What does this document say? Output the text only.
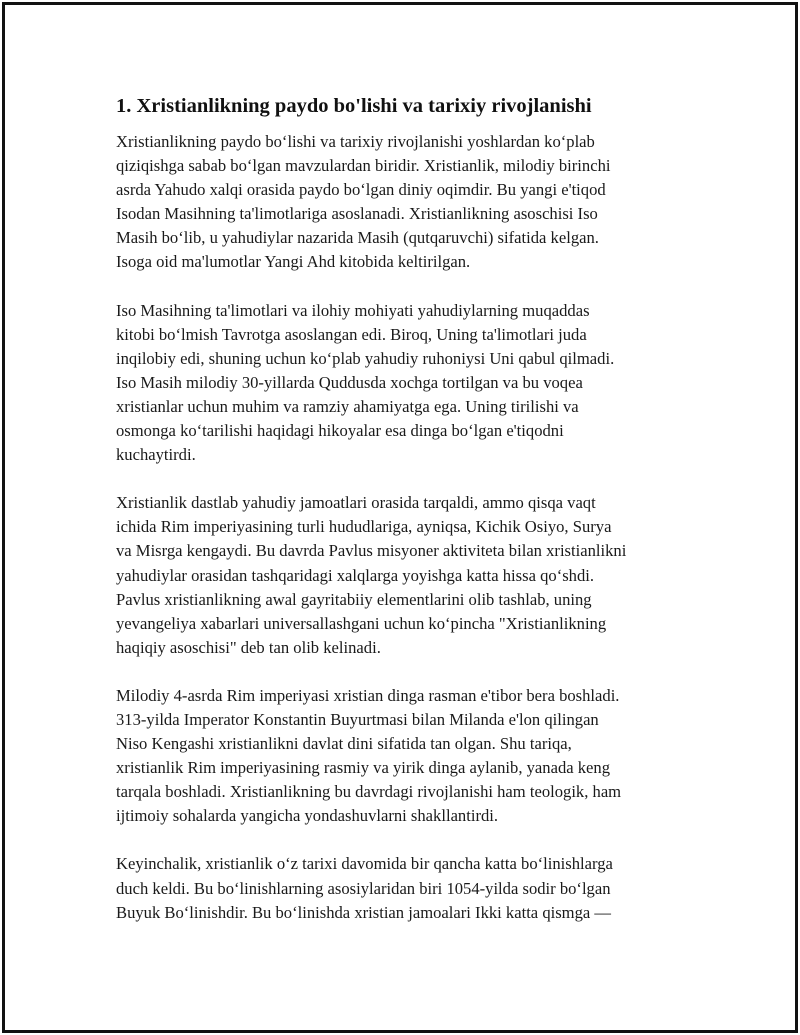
1. Xristianlikning paydo bo'lishi va tarixiy rivojlanishi
Xristianlikning paydo bo‘lishi va tarixiy rivojlanishi yoshlardan ko‘plab
qiziqishga sabab bo‘lgan mavzulardan biridir. Xristianlik, milodiy birinchi
asrda Yahudo xalqi orasida paydo bo‘lgan diniy oqimdir. Bu yangi e'tiqod
Isodan Masihning ta'limotlariga asoslanadi. Xristianlikning asoschisi Iso
Masih bo‘lib, u yahudiylar nazarida Masih (qutqaruvchi) sifatida kelgan.
Isoga oid ma'lumotlar Yangi Ahd kitobida keltirilgan.
Iso Masihning ta'limotlari va ilohiy mohiyati yahudiylarning muqaddas
kitobi bo‘lmish Tavrotga asoslangan edi. Biroq, Uning ta'limotlari juda
inqilobiy edi, shuning uchun ko‘plab yahudiy ruhoniysi Uni qabul qilmadi.
Iso Masih milodiy 30-yillarda Quddusda xochga tortilgan va bu voqea
xristianlar uchun muhim va ramziy ahamiyatga ega. Uning tirilishi va
osmonga ko‘tarilishi haqidagi hikoyalar esa dinga bo‘lgan e'tiqodni
kuchaytirdi.
Xristianlik dastlab yahudiy jamoatlari orasida tarqaldi, ammo qisqa vaqt
ichida Rim imperiyasining turli hududlariga, ayniqsa, Kichik Osiyo, Surya
va Misrga kengaydi. Bu davrda Pavlus misyoner aktiviteta bilan xristianlikni
yahudiylar orasidan tashqaridagi xalqlarga yoyishga katta hissa qo‘shdi.
Pavlus xristianlikning awal gayritabiiy elementlarini olib tashlab, uning
yevangeliya xabarlari universallashgani uchun ko‘pincha "Xristianlikning
haqiqiy asoschisi" deb tan olib kelinadi.
Milodiy 4-asrda Rim imperiyasi xristian dinga rasman e'tibor bera boshladi.
313-yilda Imperator Konstantin Buyurtmasi bilan Milanda e'lon qilingan
Niso Kengashi xristianlikni davlat dini sifatida tan olgan. Shu tariqa,
xristianlik Rim imperiyasining rasmiy va yirik dinga aylanib, yanada keng
tarqala boshladi. Xristianlikning bu davrdagi rivojlanishi ham teologik, ham
ijtimoiy sohalarda yangicha yondashuvlarni shakllantirdi.
Keyinchalik, xristianlik o‘z tarixi davomida bir qancha katta bo‘linishlarga
duch keldi. Bu bo‘linishlarning asosiylaridan biri 1054-yilda sodir bo‘lgan
Buyuk Bo‘linishdir. Bu bo‘linishda xristian jamoalari Ikki katta qismga —
